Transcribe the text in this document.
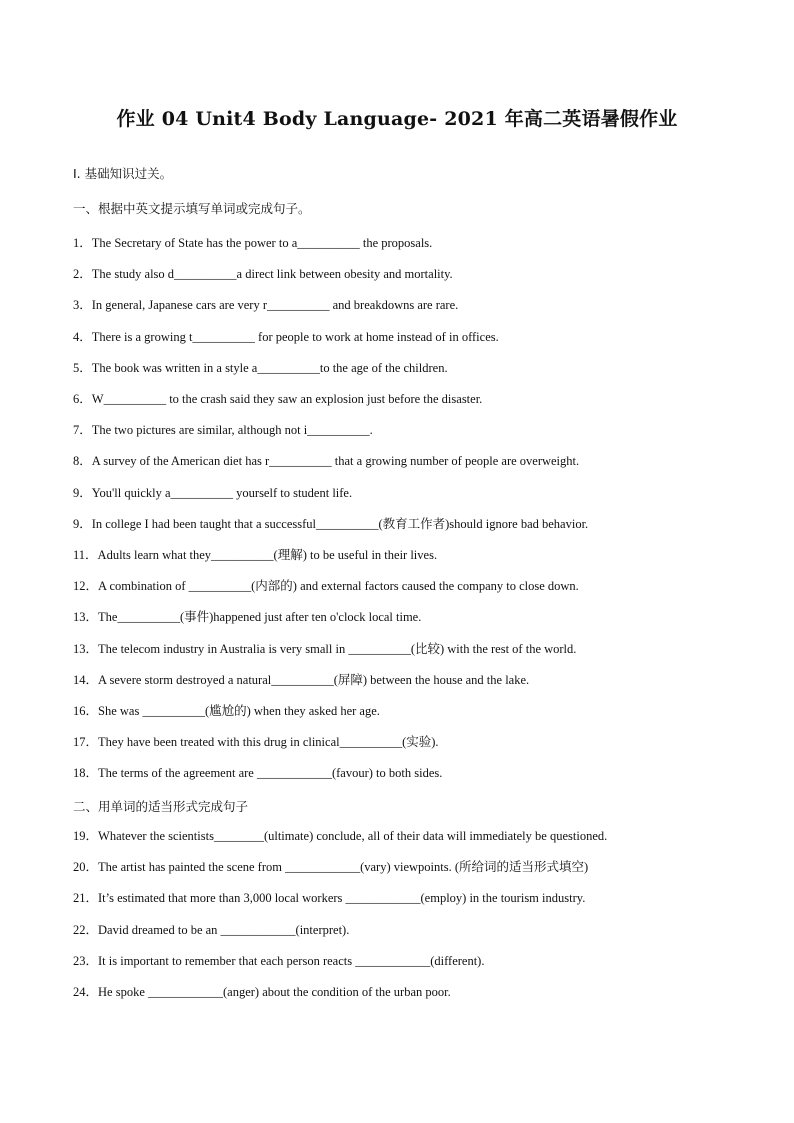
作业 04 Unit4 Body Language- 2021 年高二英语暑假作业
I. 基础知识过关。
一、根据中英文提示填写单词或完成句子。
1．The Secretary of State has the power to a__________ the proposals.
2．The study also d__________a direct link between obesity and mortality.
3．In general, Japanese cars are very r__________ and breakdowns are rare.
4．There is a growing t__________ for people to work at home instead of in offices.
5．The book was written in a style a__________to the age of the children.
6．W__________ to the crash said they saw an explosion just before the disaster.
7．The two pictures are similar, although not i__________.
8．A survey of the American diet has r__________ that a growing number of people are overweight.
9．You'll quickly a__________ yourself to student life.
9．In college I had been taught that a successful__________(教育工作者)should ignore bad behavior.
11．Adults learn what they__________(理解) to be useful in their lives.
12．A combination of __________(内部的) and external factors caused the company to close down.
13．The__________(事件)happened just after ten o'clock local time.
13．The telecom industry in Australia is very small in __________(比较) with the rest of the world.
14．A severe storm destroyed a natural__________(屏障) between the house and the lake.
16．She was __________(尴尬的) when they asked her age.
17．They have been treated with this drug in clinical__________(实验).
18．The terms of the agreement are ____________(favour) to both sides.
二、用单词的适当形式完成句子
19．Whatever the scientists________(ultimate) conclude, all of their data will immediately be questioned.
20．The artist has painted the scene from ____________(vary) viewpoints. (所给词的适当形式填空)
21．It’s estimated that more than 3,000 local workers ____________(employ) in the tourism industry.
22．David dreamed to be an ____________(interpret).
23．It is important to remember that each person reacts ____________(different).
24．He spoke ____________(anger) about the condition of the urban poor.
